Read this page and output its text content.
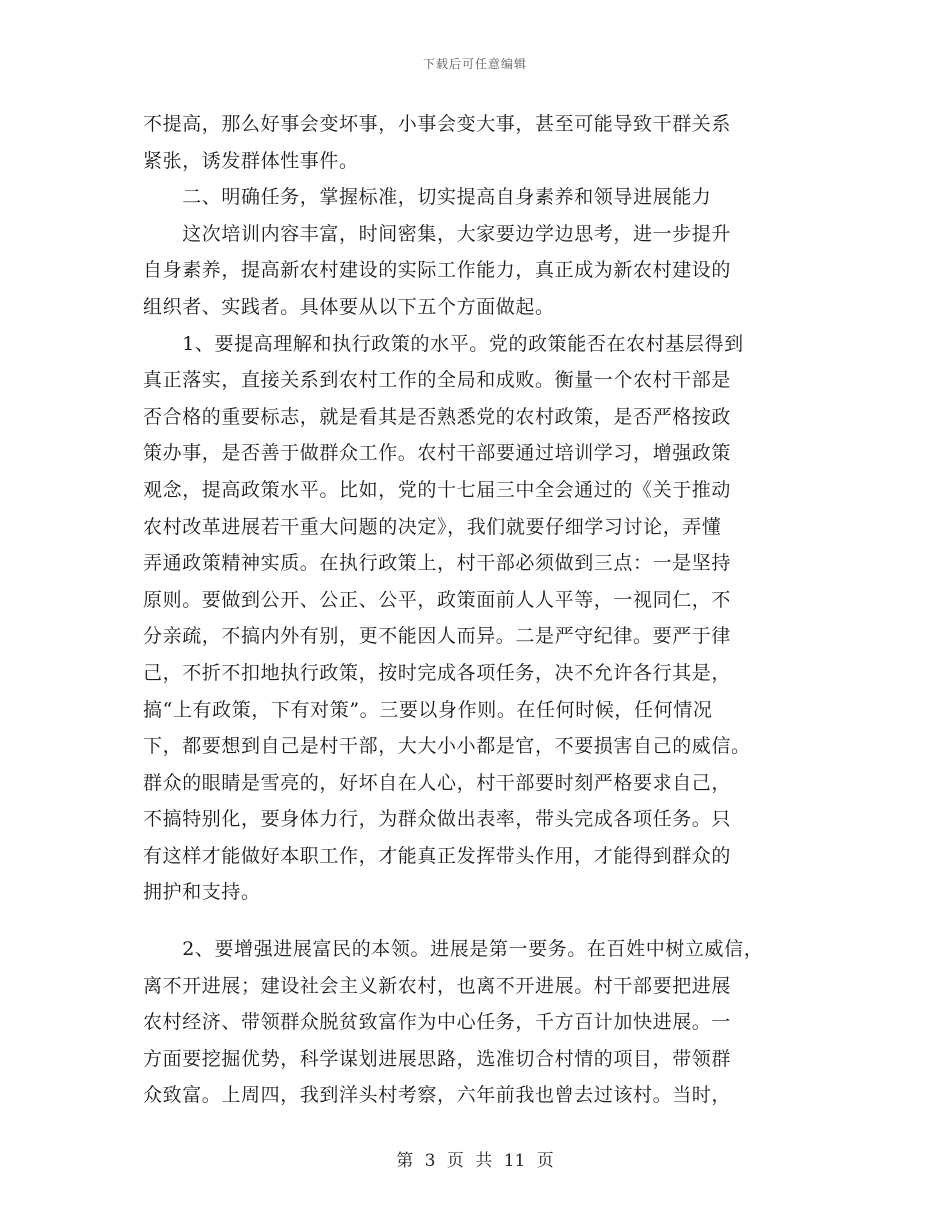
下载后可任意编辑
不提高，那么好事会变坏事，小事会变大事，甚至可能导致干群关系
紧张，诱发群体性事件。
　　二、明确任务，掌握标准，切实提高自身素养和领导进展能力
　　这次培训内容丰富，时间密集，大家要边学边思考，进一步提升
自身素养，提高新农村建设的实际工作能力，真正成为新农村建设的
组织者、实践者。具体要从以下五个方面做起。
　　1、要提高理解和执行政策的水平。党的政策能否在农村基层得到
真正落实，直接关系到农村工作的全局和成败。衡量一个农村干部是
否合格的重要标志，就是看其是否熟悉党的农村政策，是否严格按政
策办事，是否善于做群众工作。农村干部要通过培训学习，增强政策
观念，提高政策水平。比如，党的十七届三中全会通过的《关于推动
农村改革进展若干重大问题的决定》，我们就要仔细学习讨论，弄懂
弄通政策精神实质。在执行政策上，村干部必须做到三点：一是坚持
原则。要做到公开、公正、公平，政策面前人人平等，一视同仁，不
分亲疏，不搞内外有别，更不能因人而异。二是严守纪律。要严于律
己，不折不扣地执行政策，按时完成各项任务，决不允许各行其是，
搞“上有政策，下有对策”。三要以身作则。在任何时候，任何情况
下，都要想到自己是村干部，大大小小都是官，不要损害自己的威信。
群众的眼睛是雪亮的，好坏自在人心，村干部要时刻严格要求自己，
不搞特别化，要身体力行，为群众做出表率，带头完成各项任务。只
有这样才能做好本职工作，才能真正发挥带头作用，才能得到群众的
拥护和支持。
　　2、要增强进展富民的本领。进展是第一要务。在百姓中树立威信，
离不开进展；建设社会主义新农村，也离不开进展。村干部要把进展
农村经济、带领群众脱贫致富作为中心任务，千方百计加快进展。一
方面要挖掘优势，科学谋划进展思路，选准切合村情的项目，带领群
众致富。上周四，我到洋头村考察，六年前我也曾去过该村。当时，
第 3 页 共 11 页
